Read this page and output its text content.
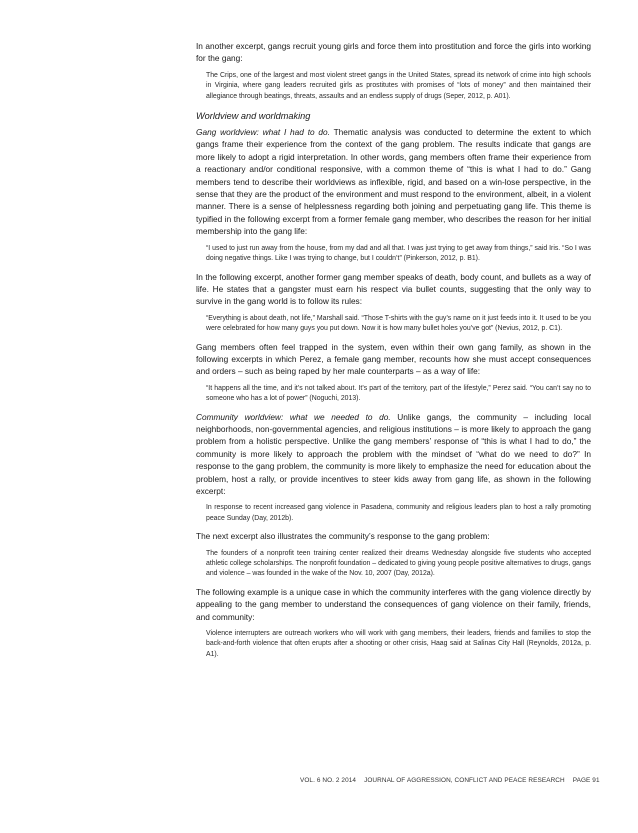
In another excerpt, gangs recruit young girls and force them into prostitution and force the girls into working for the gang:

The Crips, one of the largest and most violent street gangs in the United States, spread its network of crime into high schools in Virginia, where gang leaders recruited girls as prostitutes with promises of “lots of money” and then maintained their allegiance through beatings, threats, assaults and an endless supply of drugs (Seper, 2012, p. A01).

Worldview and worldmaking

Gang worldview: what I had to do. Thematic analysis was conducted to determine the extent to which gangs frame their experience from the context of the gang problem. The results indicate that gangs are more likely to adopt a rigid interpretation. In other words, gang members often frame their experience from a reactionary and/or conditional responsive, with a common theme of “this is what I had to do.” Gang members tend to describe their worldviews as inflexible, rigid, and based on a win-lose perspective, in the sense that they are the product of the environment and must respond to the environment, albeit, in a violent manner. There is a sense of helplessness regarding both joining and perpetuating gang life. This theme is typified in the following excerpt from a former female gang member, who describes the reason for her initial membership into the gang life:

“I used to just run away from the house, from my dad and all that. I was just trying to get away from things,” said Iris. “So I was doing negative things. Like I was trying to change, but I couldn’t” (Pinkerson, 2012, p. B1).

In the following excerpt, another former gang member speaks of death, body count, and bullets as a way of life. He states that a gangster must earn his respect via bullet counts, suggesting that the only way to survive in the gang world is to follow its rules:

“Everything is about death, not life,” Marshall said. “Those T-shirts with the guy’s name on it just feeds into it. It used to be you were celebrated for how many guys you put down. Now it is how many bullet holes you’ve got” (Nevius, 2012, p. C1).

Gang members often feel trapped in the system, even within their own gang family, as shown in the following excerpts in which Perez, a female gang member, recounts how she must accept consequences and orders – such as being raped by her male counterparts – as a way of life:

“It happens all the time, and it’s not talked about. It’s part of the territory, part of the lifestyle,” Perez said. “You can’t say no to someone who has a lot of power” (Noguchi, 2013).

Community worldview: what we needed to do. Unlike gangs, the community – including local neighborhoods, non-governmental agencies, and religious institutions – is more likely to approach the gang problem from a holistic perspective. Unlike the gang members’ response of “this is what I had to do,” the community is more likely to approach the problem with the mindset of “what do we need to do?” In response to the gang problem, the community is more likely to emphasize the need for education about the problem, host a rally, or provide incentives to steer kids away from gang life, as shown in the following excerpt:

In response to recent increased gang violence in Pasadena, community and religious leaders plan to host a rally promoting peace Sunday (Day, 2012b).

The next excerpt also illustrates the community’s response to the gang problem:

The founders of a nonprofit teen training center realized their dreams Wednesday alongside five students who accepted athletic college scholarships. The nonprofit foundation – dedicated to giving young people positive alternatives to drugs, gangs and violence – was founded in the wake of the Nov. 10, 2007 (Day, 2012a).

The following example is a unique case in which the community interferes with the gang violence directly by appealing to the gang member to understand the consequences of gang violence on their family, friends, and community:

Violence interrupters are outreach workers who will work with gang members, their leaders, friends and families to stop the back-and-forth violence that often erupts after a shooting or other crisis, Haag said at Salinas City Hall (Reynolds, 2012a, p. A1).

VOL. 6 NO. 2 2014 JOURNAL OF AGGRESSION, CONFLICT AND PEACE RESEARCH PAGE 91
